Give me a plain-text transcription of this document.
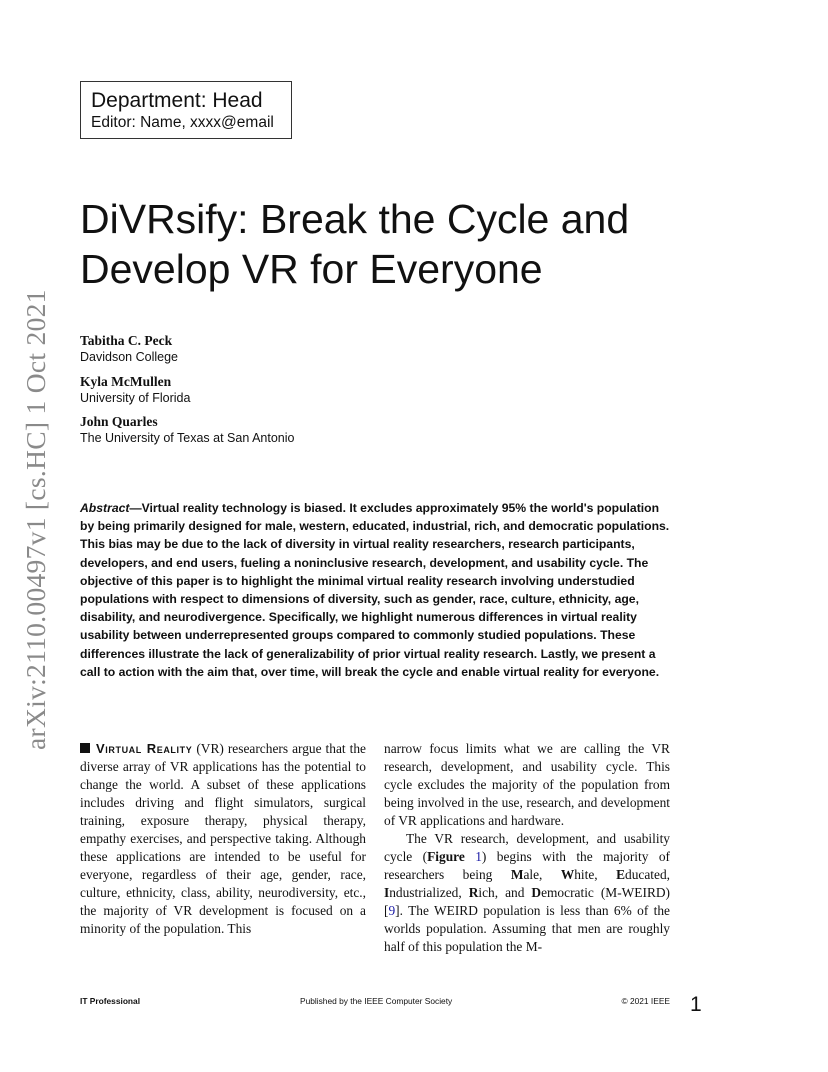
Department: Head
Editor: Name, xxxx@email
DiVRsify: Break the Cycle and
Develop VR for Everyone
Tabitha C. Peck
Davidson College
Kyla McMullen
University of Florida
John Quarles
The University of Texas at San Antonio

Abstract—Virtual reality technology is biased. It excludes approximately 95% the world's population by being primarily designed for male, western, educated, industrial, rich, and democratic populations. This bias may be due to the lack of diversity in virtual reality researchers, research participants, developers, and end users, fueling a noninclusive research, development, and usability cycle. The objective of this paper is to highlight the minimal virtual reality research involving understudied populations with respect to dimensions of diversity, such as gender, race, culture, ethnicity, age, disability, and neurodivergence. Specifically, we highlight numerous differences in virtual reality usability between underrepresented groups compared to commonly studied populations. These differences illustrate the lack of generalizability of prior virtual reality research. Lastly, we present a call to action with the aim that, over time, will break the cycle and enable virtual reality for everyone.

arXiv:2110.00497v1 [cs.HC] 1 Oct 2021	Virtual Reality (VR) researchers argue that the diverse array of VR applications has the potential to change the world. A subset of these applications includes driving and flight simulators, surgical training, exposure therapy, physical therapy, empathy exercises, and perspective taking. Although these applications are intended to be useful for everyone, regardless of their age, gender, race, culture, ethnicity, class, ability, neurodiversity, etc., the majority of VR development is focused on a minority of the population. This

narrow focus limits what we are calling the VR research, development, and usability cycle. This cycle excludes the majority of the population from being involved in the use, research, and development of VR applications and hardware.

The VR research, development, and usability cycle (Figure 1) begins with the majority of researchers being Male, White, Educated, Industrialized, Rich, and Democratic (M-WEIRD) [9]. The WEIRD population is less than 6% of the worlds population. Assuming that men are roughly half of this population the M-

IT Professional	Published by the IEEE Computer Society	© 2021 IEEE 1
